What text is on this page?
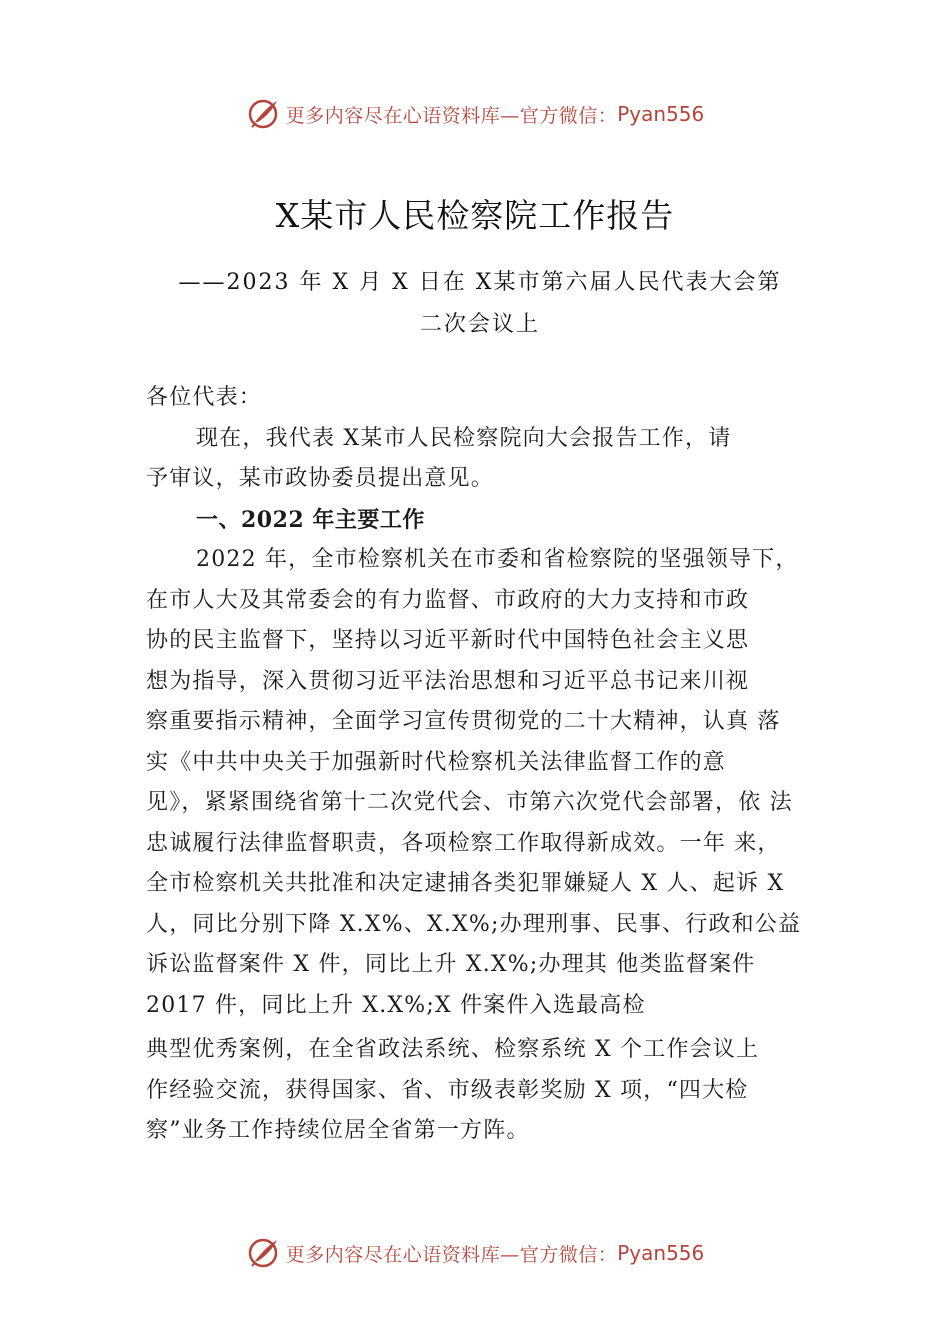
更多内容尽在心语资料库—官方微信： Pyan556
X某市人民检察院工作报告
——2023 年 X 月 X 日在 X某市第六届人民代表大会第
二次会议上
各位代表：
现在，我代表 X某市人民检察院向大会报告工作，请
予审议，某市政协委员提出意见。
一、2022 年主要工作
2022 年，全市检察机关在市委和省检察院的坚强领导下，
在市人大及其常委会的有力监督、市政府的大力支持和市政
协的民主监督下，坚持以习近平新时代中国特色社会主义思
想为指导，深入贯彻习近平法治思想和习近平总书记来川视
察重要指示精神，全面学习宣传贯彻党的二十大精神，认真 落
实《中共中央关于加强新时代检察机关法律监督工作的意
见》，紧紧围绕省第十二次党代会、市第六次党代会部署，依 法
忠诚履行法律监督职责，各项检察工作取得新成效。一年 来，
全市检察机关共批准和决定逮捕各类犯罪嫌疑人 X 人、起诉 X
人，同比分别下降 X.X%、X.X%;办理刑事、民事、行政和公益
诉讼监督案件 X 件，同比上升 X.X%;办理其 他类监督案件
2017 件，同比上升 X.X%;X 件案件入选最高检
典型优秀案例，在全省政法系统、检察系统 X 个工作会议上
作经验交流，获得国家、省、市级表彰奖励 X 项，“四大检
察”业务工作持续位居全省第一方阵。
更多内容尽在心语资料库—官方微信： Pyan556
